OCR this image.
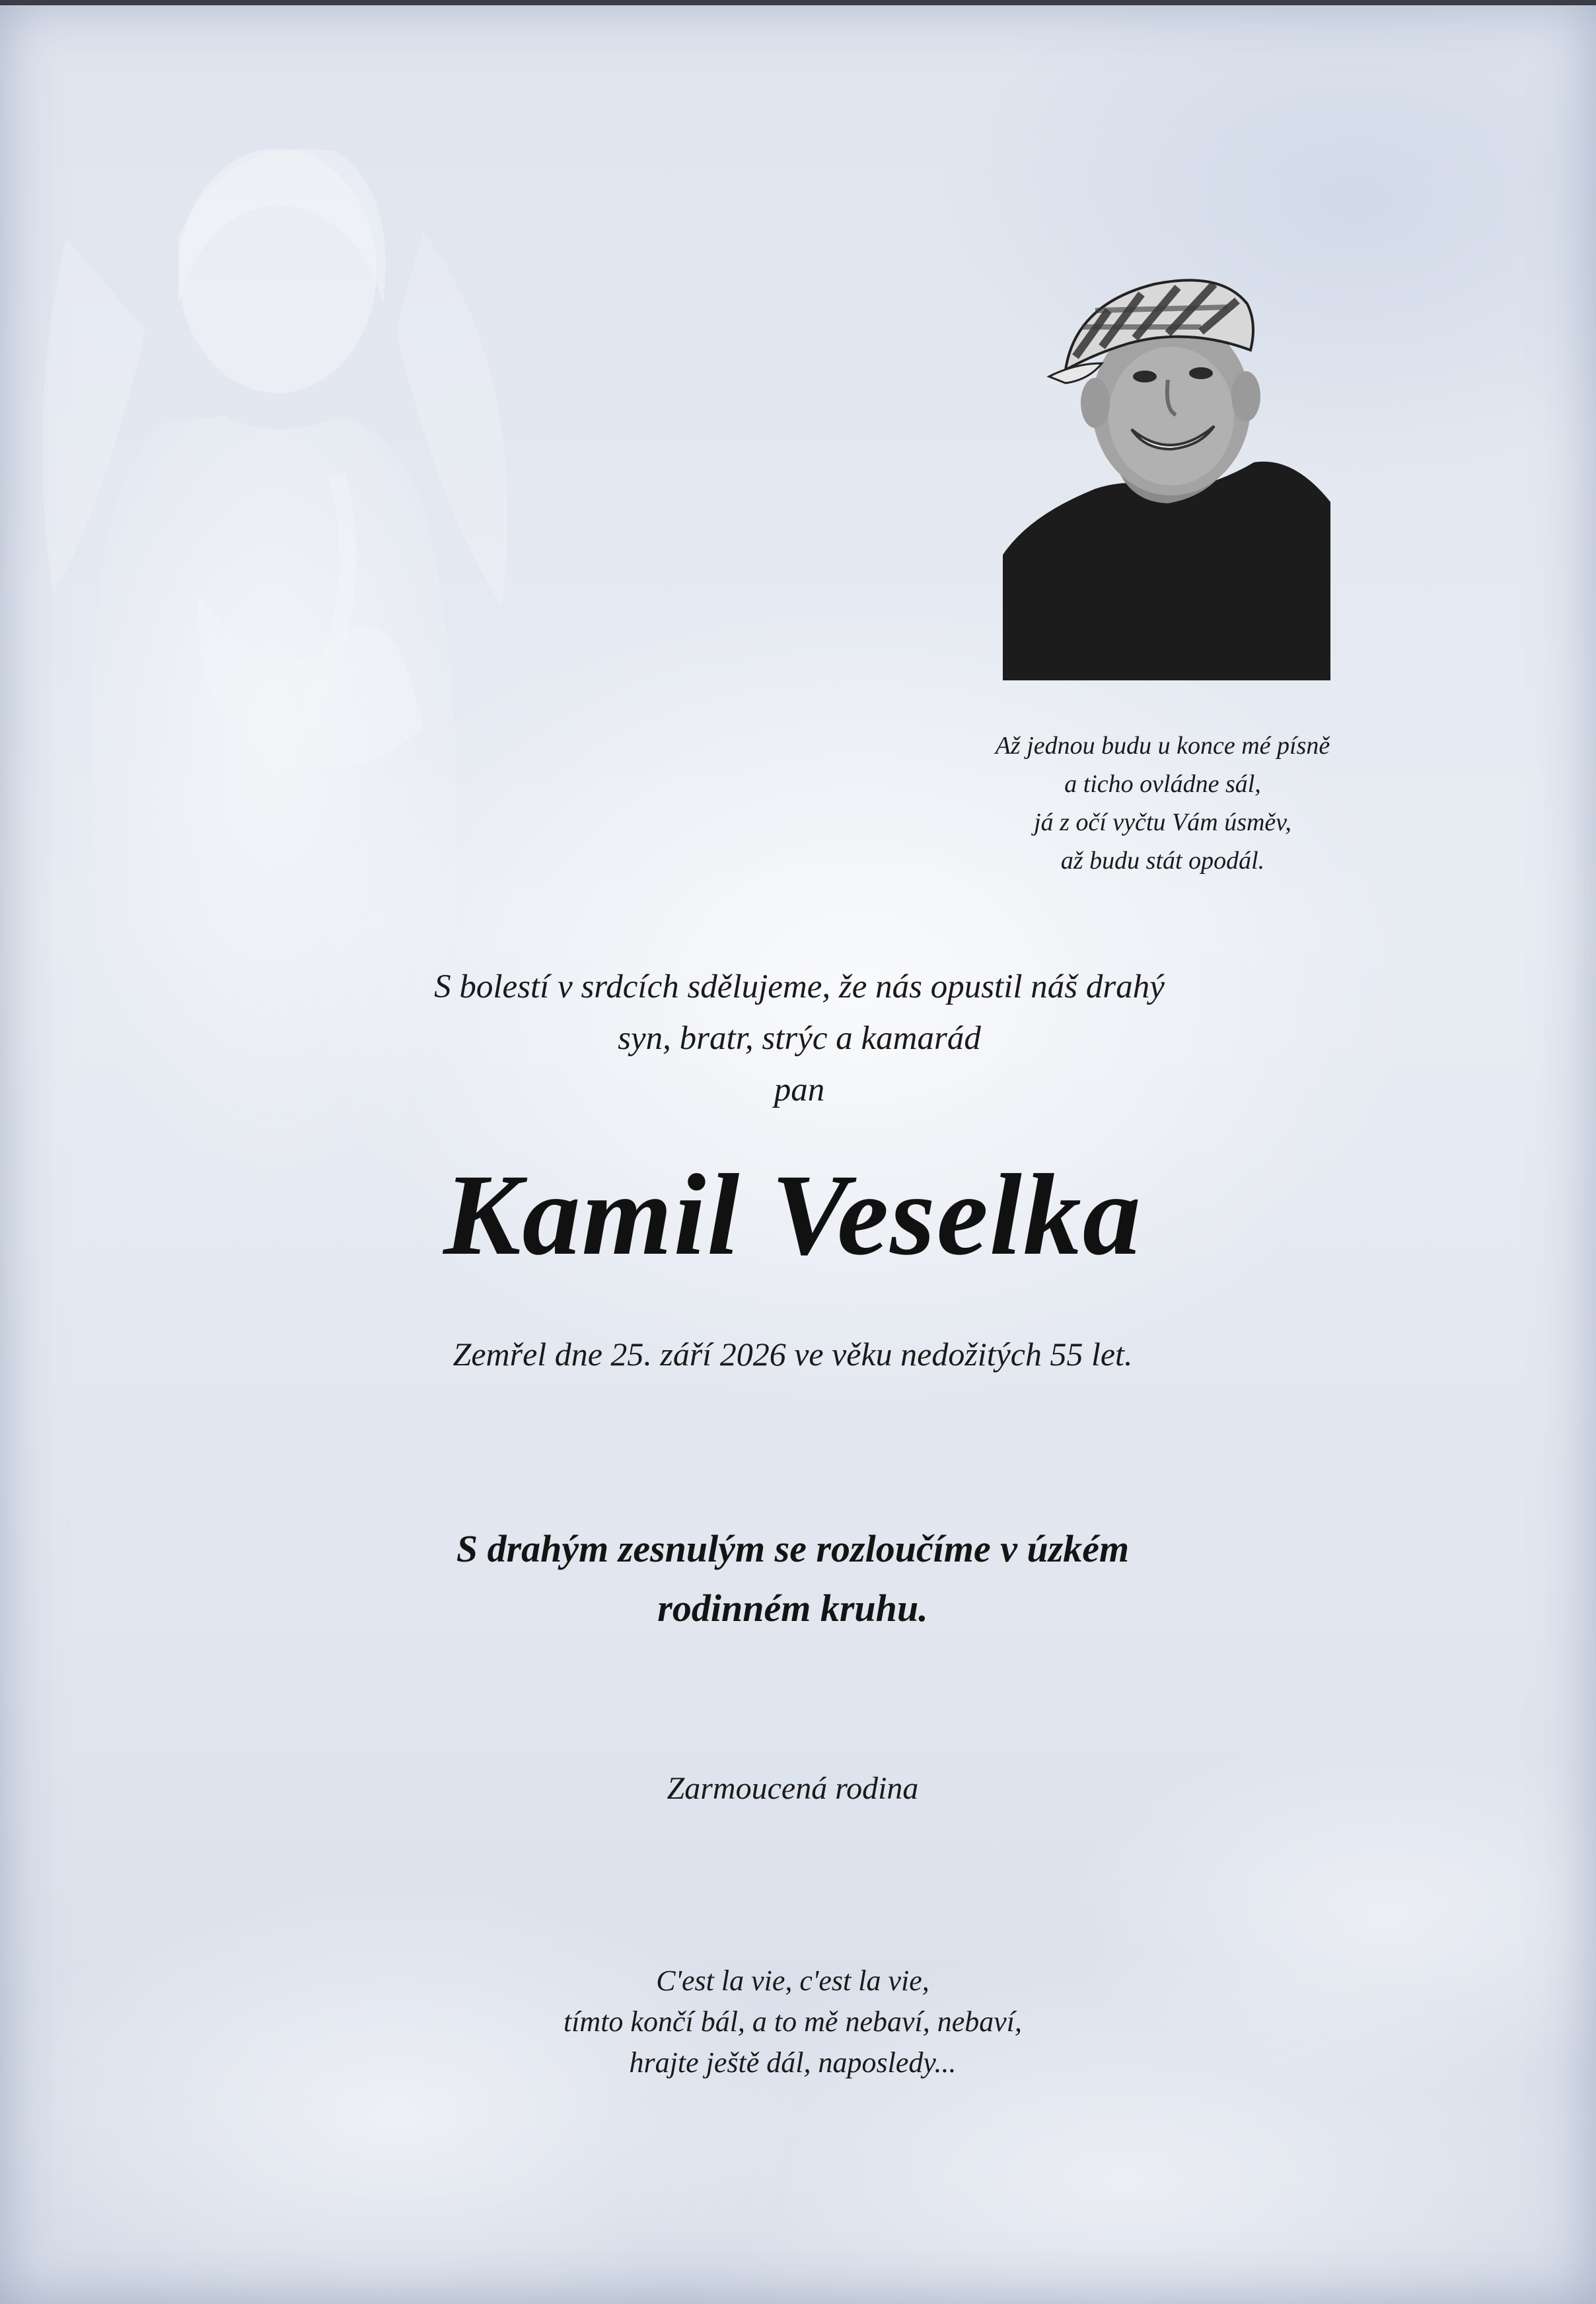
Až jednou budu u konce mé písně
a ticho ovládne sál,
já z očí vyčtu Vám úsměv,
až budu stát opodál.
S bolestí v srdcích sdělujeme, že nás opustil náš drahý
syn, bratr, strýc a kamarád
pan
Kamil Veselka
Zemřel dne 25. září 2026 ve věku nedožitých 55 let.
S drahým zesnulým se rozloučíme v úzkém
rodinném kruhu.
Zarmoucená rodina
C'est la vie, c'est la vie,
tímto končí bál, a to mě nebaví, nebaví,
hrajte ještě dál, naposledy...
